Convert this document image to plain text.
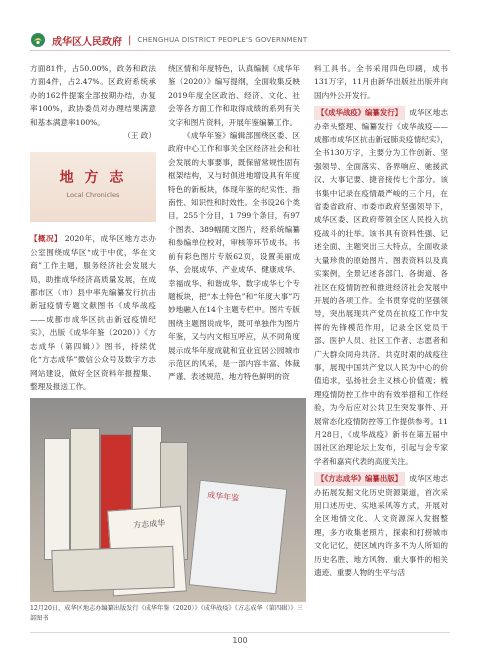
成华区人民政府 | CHENGHUA DISTRICT PEOPLE'S GOVERNMENT

方面81件，占50.00%，政务和政法方面4件，占2.47%。区政府系统承办的162件提案全部按期办结，办复率100%，政协委员对办理结果满意和基本满意率100%。

（王 政）
地 方 志
Local Chronicles

【概况】 2020年，成华区地方志办公室围绕成华区“成于中优，华在文商”工作主题，服务经济社会发展大局，助推成华经济高质量发展，在成都市区（市）县中率先编纂发行抗击新冠疫情专题文献图书《成华战疫——成都市成华区抗击新冠疫情纪实》，出版《成华年鉴（2020）》《方志成华（第四辑）》图书，持续优化“方志成华”微信公众号及数字方志网站建设，做好全区资料年报搜集、整理及报送工作。

绕区情和年度特色，认真编制《成华年鉴（2020）》编写提纲，全面收集反映2019年度全区政治、经济、文化、社会等各方面工作和取得成绩的系列有关文字和图片资料，开展年鉴编纂工作。

《成华年鉴》编辑部围绕区委、区政府中心工作和事关全区经济社会和社会发展的大事要事，既保留常规性固有框架结构，又与时俱进地增设具有年度特色的新板块，体现年鉴的纪实性、指南性、知识性和时效性。全书设26个类目，255个分目，1 799个条目，有97个图表、389幅随文图片，经系统编纂和参编单位校对，审核等环节成书。书前有彩色图片专版62页，设置美丽成华、会展成华、产业成华、健康成华、幸福成华、和谐成华、数字成华七个专题板块，把“本土特色”和“年度大事”巧妙地融入在14个主题专栏中。图片专版围绕主题图说成华，既可单独作为图片年鉴，又与内文相互呼应，从不同角度展示成华年度成就和宜业宜居公园城市示范区的风采，是一部内容丰富、体裁严谨、表述规范、地方特色鲜明的资

料工具书。全书采用四色印刷，成书131万字，11月由新华出版社出版并向国内外公开发行。

【《成华战疫》编纂发行】 成华区地志办牵头整理、编纂发行《成华战疫——成都市成华区抗击新冠肺炎疫情纪实》，全书130万字，主要分为工作创新、坚强领导、全面落实、各界响应、驰援武汉、大事记要、捷音接传七个部分。该书集中记录在疫情最严峻的三个月，在省委省政府、市委市政府坚强领导下，成华区委、区政府带领全区人民投入抗疫战斗的壮举。该书具有资料性强、记述全面、主题突出三大特点，全面收录大量珍贵的原始图片、图表资料以及真实案例，全景记述各部门、各街道、各社区在疫情防控和推进经济社会发展中开展的各项工作。全书贯穿党的坚强领导，突出展现共产党员在抗疫工作中发挥的先锋模范作用，记录全区党员干部、医护人员、社区工作者、志愿者和广大群众同舟共济、共克时艰的战疫往事，展现中国共产党以人民为中心的价值追求，弘扬社会主义核心价值观；梳理疫情防控工作中的有效举措和工作经验，为今后应对公共卫生突发事件、开展常态化疫情防控等工作提供参考。11月28日，《成华战疫》新书在第五届中国社区治理论坛上发布，引起与会专家学者和嘉宾代表的高度关注。

【《方志成华》编纂出版】 成华区地志办拓展发掘文化历史资源渠道，首次采用口述历史、实地采风等方式，开展对全区地情文化、人文资源深入发掘整理，多方收集老照片，探索和打捞城市文化记忆，使区域内许多不为人所知的历史名胜、地方风物、重大事件的相关遗迹、重要人物的生平与活

方志成华
成华年鉴
12月20日，成华区地志办编纂出版发行《成华年鉴（2020）》《成华战疫》《方志成华（第四辑）》三部图书
100
